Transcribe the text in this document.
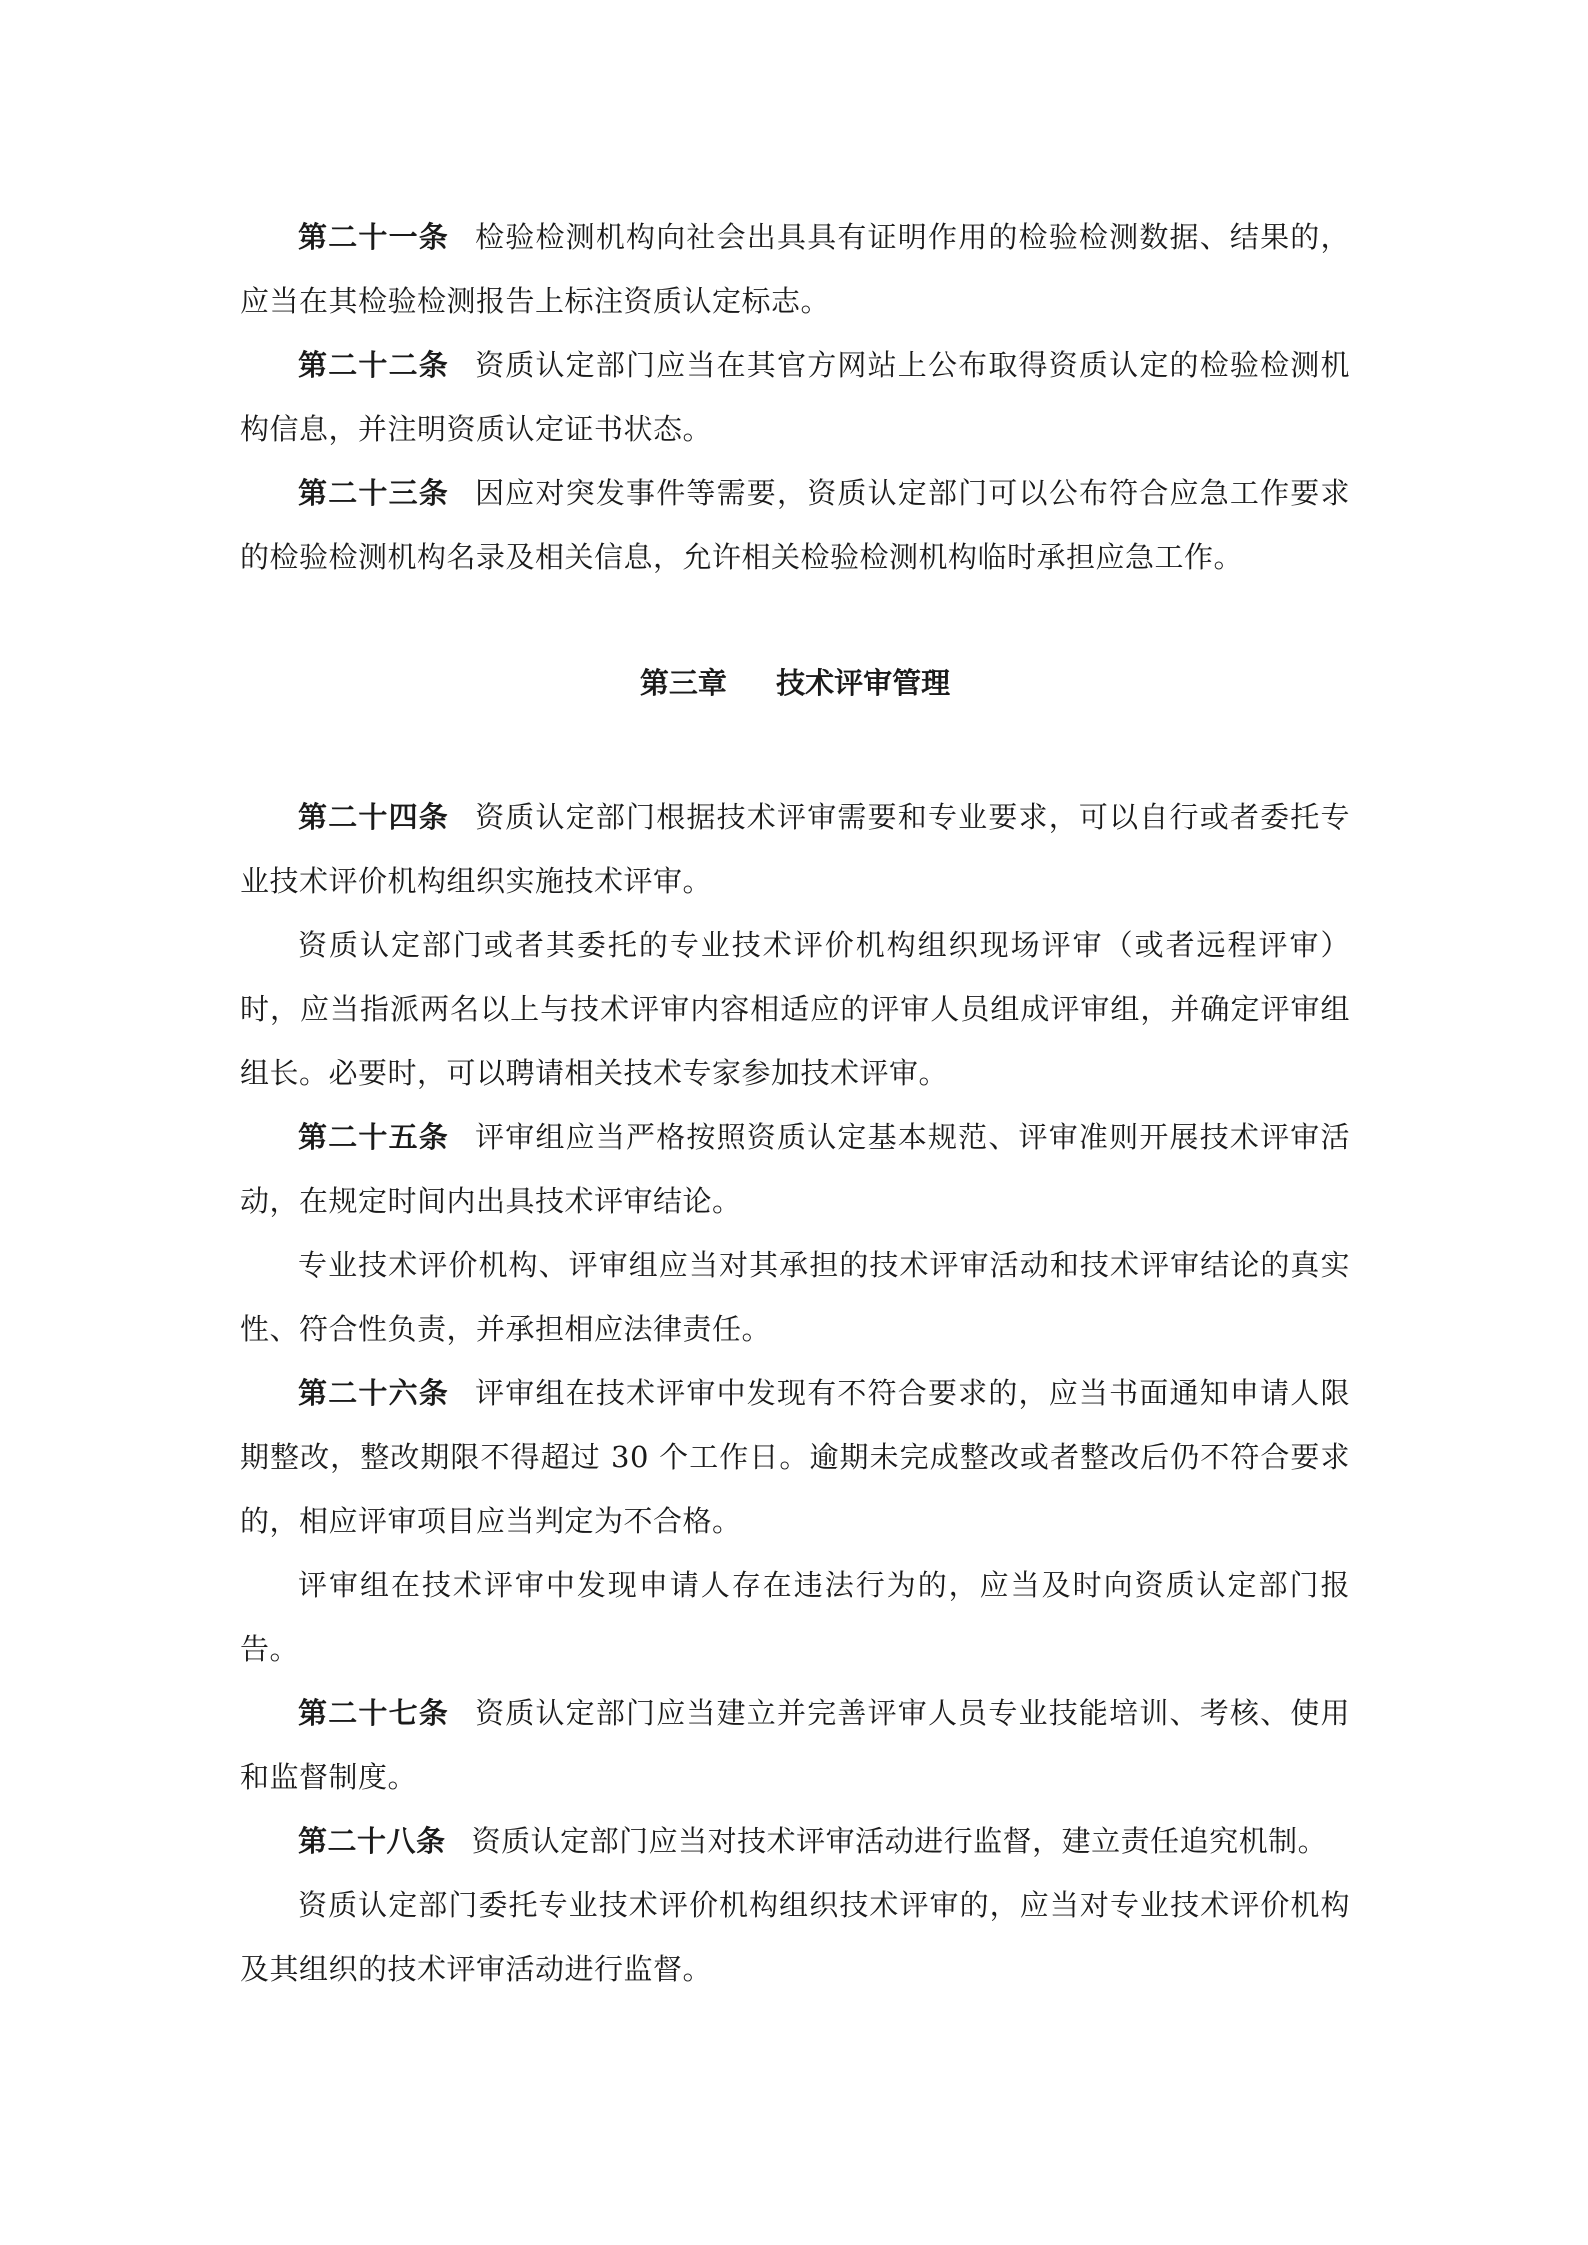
第二十一条 检验检测机构向社会出具具有证明作用的检验检测数据、结果的，应当在其检验检测报告上标注资质认定标志。

第二十二条 资质认定部门应当在其官方网站上公布取得资质认定的检验检测机构信息，并注明资质认定证书状态。

第二十三条 因应对突发事件等需要，资质认定部门可以公布符合应急工作要求的检验检测机构名录及相关信息，允许相关检验检测机构临时承担应急工作。

第三章 技术评审管理

第二十四条 资质认定部门根据技术评审需要和专业要求，可以自行或者委托专业技术评价机构组织实施技术评审。

资质认定部门或者其委托的专业技术评价机构组织现场评审（或者远程评审）时，应当指派两名以上与技术评审内容相适应的评审人员组成评审组，并确定评审组组长。必要时，可以聘请相关技术专家参加技术评审。

第二十五条 评审组应当严格按照资质认定基本规范、评审准则开展技术评审活动，在规定时间内出具技术评审结论。

专业技术评价机构、评审组应当对其承担的技术评审活动和技术评审结论的真实性、符合性负责，并承担相应法律责任。

第二十六条 评审组在技术评审中发现有不符合要求的，应当书面通知申请人限期整改，整改期限不得超过 30 个工作日。逾期未完成整改或者整改后仍不符合要求的，相应评审项目应当判定为不合格。

评审组在技术评审中发现申请人存在违法行为的，应当及时向资质认定部门报告。

第二十七条 资质认定部门应当建立并完善评审人员专业技能培训、考核、使用和监督制度。

第二十八条 资质认定部门应当对技术评审活动进行监督，建立责任追究机制。

资质认定部门委托专业技术评价机构组织技术评审的，应当对专业技术评价机构及其组织的技术评审活动进行监督。
